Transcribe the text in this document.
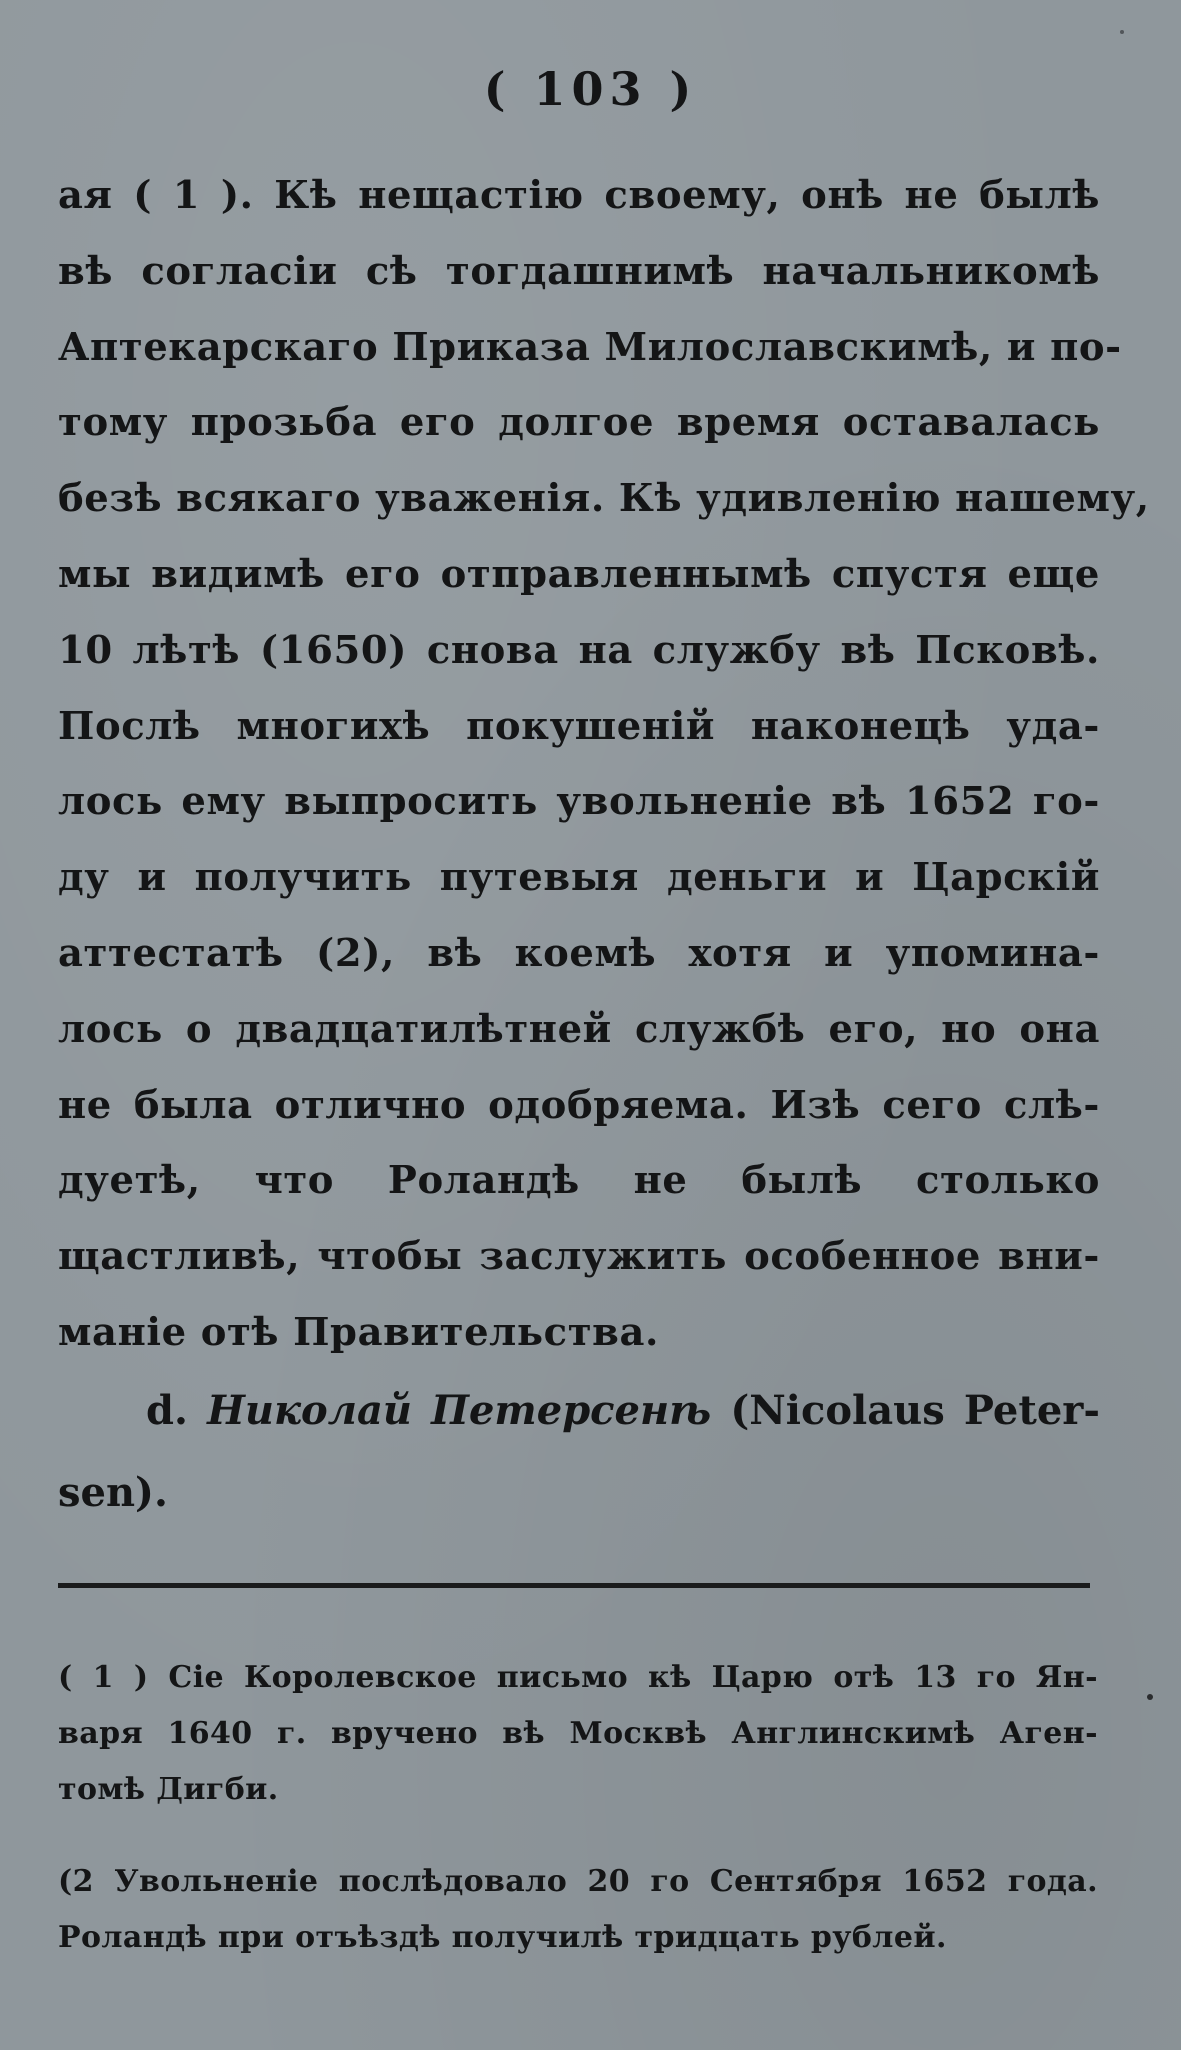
( 103 )
ая ( 1 ). Кѣ нещастію своему, онѣ не былѣ
вѣ согласіи сѣ тогдашнимѣ начальникомѣ
Аптекарскаго Приказа Милославскимѣ, и по-
тому прозьба его долгое время оставалась
безѣ всякаго уваженія. Кѣ удивленію нашему,
мы видимѣ его отправленнымѣ спустя еще
10 лѣтѣ (1650) снова на службу вѣ Псковѣ.
Послѣ многихѣ покушеній наконецѣ уда-
лось ему выпросить увольненіе вѣ 1652 го-
ду и получить путевыя деньги и Царскій
аттестатѣ (2), вѣ коемѣ хотя и упомина-
лось о двадцатилѣтней службѣ его, но она
не была отлично одобряема. Изѣ сего слѣ-
дуетѣ, что Роландѣ не былѣ столько
щастливѣ, чтобы заслужить особенное вни-
маніе отѣ Правительства.
d. Николай Петерсенѣ (Nicolaus Peter-
sen).
( 1 ) Сіе Королевское письмо кѣ Царю отѣ 13 го Ян-
варя 1640 г. вручено вѣ Москвѣ Англинскимѣ Аген-
томѣ Дигби.
(2 Увольненіе послѣдовало 20 го Сентября 1652 года.
Роландѣ при отъѣздѣ получилѣ тридцать рублей.
